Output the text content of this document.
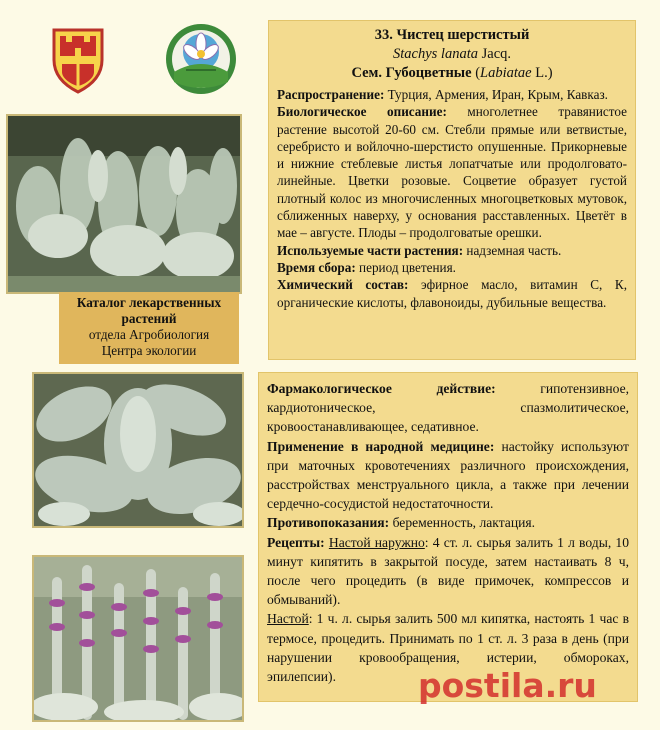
Каталог лекарственных
растений
отдела Агробиология
Центра экологии
33. Чистец шерстистый
Stachys lanata Jacq.
Сем. Губоцветные (Labiatae L.)

Распространение: Турция, Армения, Иран, Крым, Кавказ.

Биологическое описание: многолетнее травянистое растение высотой 20-60 см. Стебли прямые или ветвистые, серебристо и войлочно-шерстисто опушенные. Прикорневые и нижние стеблевые листья лопатчатые или продолговато-линейные. Цветки розовые. Соцветие образует густой плотный колос из многочисленных многоцветковых мутовок, сближенных наверху, у основания расставленных. Цветёт в мае – августе. Плоды – продолговатые орешки.

Используемые части растения: надземная часть.

Время сбора: период цветения.

Химический состав: эфирное масло, витамин С, К, органические кислоты, флавоноиды, дубильные вещества.

Фармакологическое действие: гипотензивное, кардиотоническое, спазмолитическое, кровоостанавливающее, седативное.

Применение в народной медицине: настойку используют при маточных кровотечениях различного происхождения, расстройствах менструального цикла, а также при лечении сердечно-сосудистой недостаточности.

Противопоказания: беременность, лактация.

Рецепты: Настой наружно: 4 ст. л. сырья залить 1 л воды, 10 минут кипятить в закрытой посуде, затем настаивать 8 ч, после чего процедить (в виде примочек, компрессов и обмываний).

Настой: 1 ч. л. сырья залить 500 мл кипятка, настоять 1 час в термосе, процедить. Принимать по 1 ст. л. 3 раза в день (при нарушении кровообращения, истерии, обмороках, эпилепсии).	postila.ru
